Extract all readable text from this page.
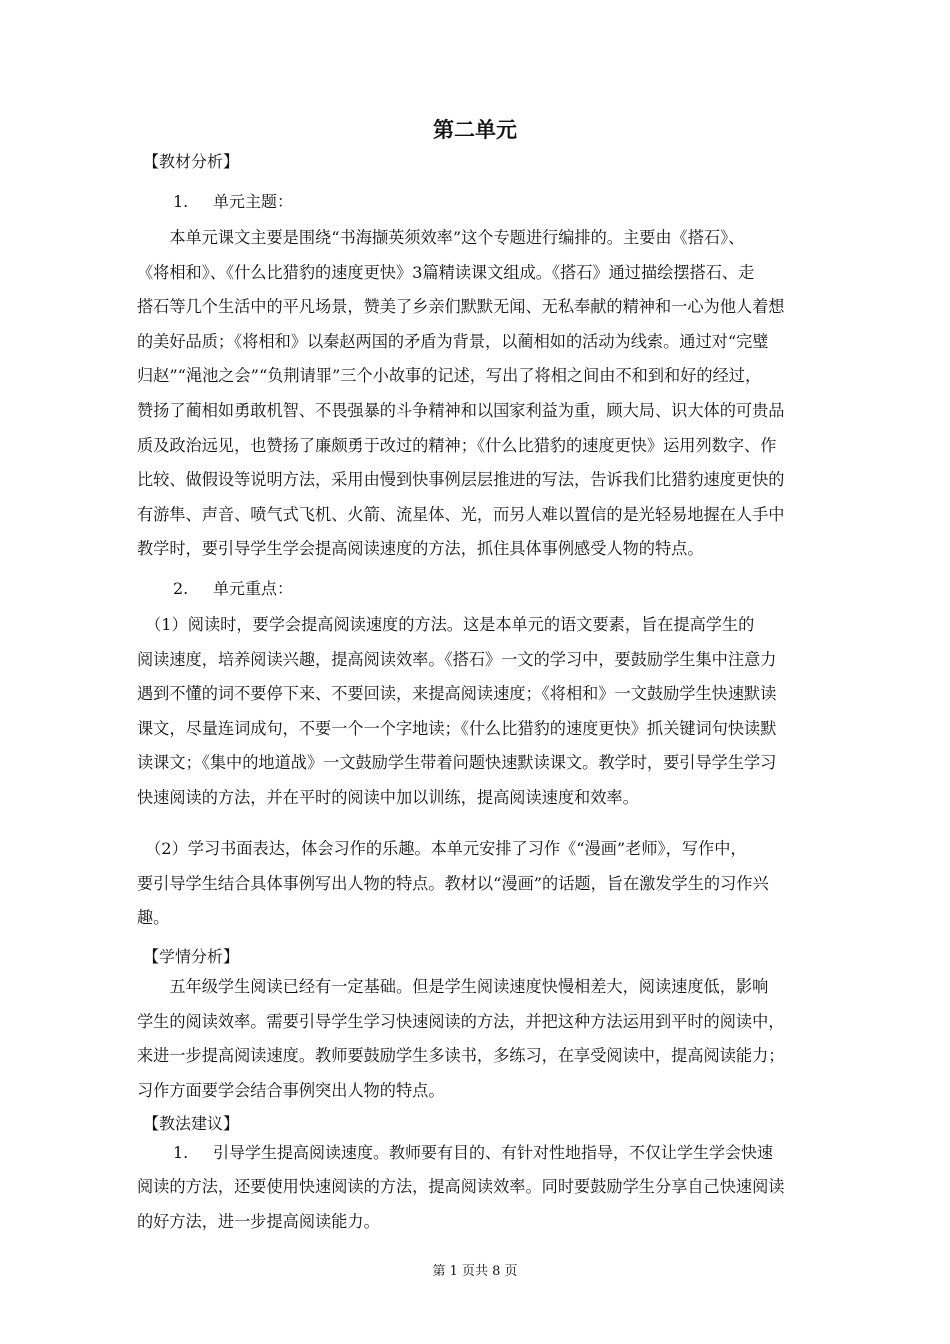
第二单元
【教材分析】
1. 单元主题：
　　本单元课文主要是围绕“书海撷英须效率”这个专题进行编排的。主要由《搭石》、
《将相和》、《什么比猎豹的速度更快》3篇精读课文组成。《搭石》通过描绘摆搭石、走
搭石等几个生活中的平凡场景，赞美了乡亲们默默无闻、无私奉献的精神和一心为他人着想
的美好品质；《将相和》以秦赵两国的矛盾为背景，以蔺相如的活动为线索。通过对“完璧
归赵”“渑池之会”“负荆请罪”三个小故事的记述，写出了将相之间由不和到和好的经过，
赞扬了蔺相如勇敢机智、不畏强暴的斗争精神和以国家利益为重，顾大局、识大体的可贵品
质及政治远见，也赞扬了廉颇勇于改过的精神；《什么比猎豹的速度更快》运用列数字、作
比较、做假设等说明方法，采用由慢到快事例层层推进的写法，告诉我们比猎豹速度更快的
有游隼、声音、喷气式飞机、火箭、流星体、光，而另人难以置信的是光轻易地握在人手中
教学时，要引导学生学会提高阅读速度的方法，抓住具体事例感受人物的特点。
2. 单元重点：
　（1）阅读时，要学会提高阅读速度的方法。这是本单元的语文要素，旨在提高学生的
阅读速度，培养阅读兴趣，提高阅读效率。《搭石》一文的学习中，要鼓励学生集中注意力
遇到不懂的词不要停下来、不要回读，来提高阅读速度；《将相和》一文鼓励学生快速默读
课文，尽量连词成句，不要一个一个字地读；《什么比猎豹的速度更快》抓关键词句快读默
读课文；《集中的地道战》一文鼓励学生带着问题快速默读课文。教学时，要引导学生学习
快速阅读的方法，并在平时的阅读中加以训练，提高阅读速度和效率。
　（2）学习书面表达，体会习作的乐趣。本单元安排了习作《“漫画”老师》，写作中，
要引导学生结合具体事例写出人物的特点。教材以“漫画”的话题，旨在激发学生的习作兴
趣。
【学情分析】
　　五年级学生阅读已经有一定基础。但是学生阅读速度快慢相差大，阅读速度低，影响
学生的阅读效率。需要引导学生学习快速阅读的方法，并把这种方法运用到平时的阅读中，
来进一步提高阅读速度。教师要鼓励学生多读书，多练习，在享受阅读中，提高阅读能力；
习作方面要学会结合事例突出人物的特点。
【教法建议】
1. 引导学生提高阅读速度。教师要有目的、有针对性地指导，不仅让学生学会快速
阅读的方法，还要使用快速阅读的方法，提高阅读效率。同时要鼓励学生分享自己快速阅读
的好方法，进一步提高阅读能力。
第 1 页共 8 页
